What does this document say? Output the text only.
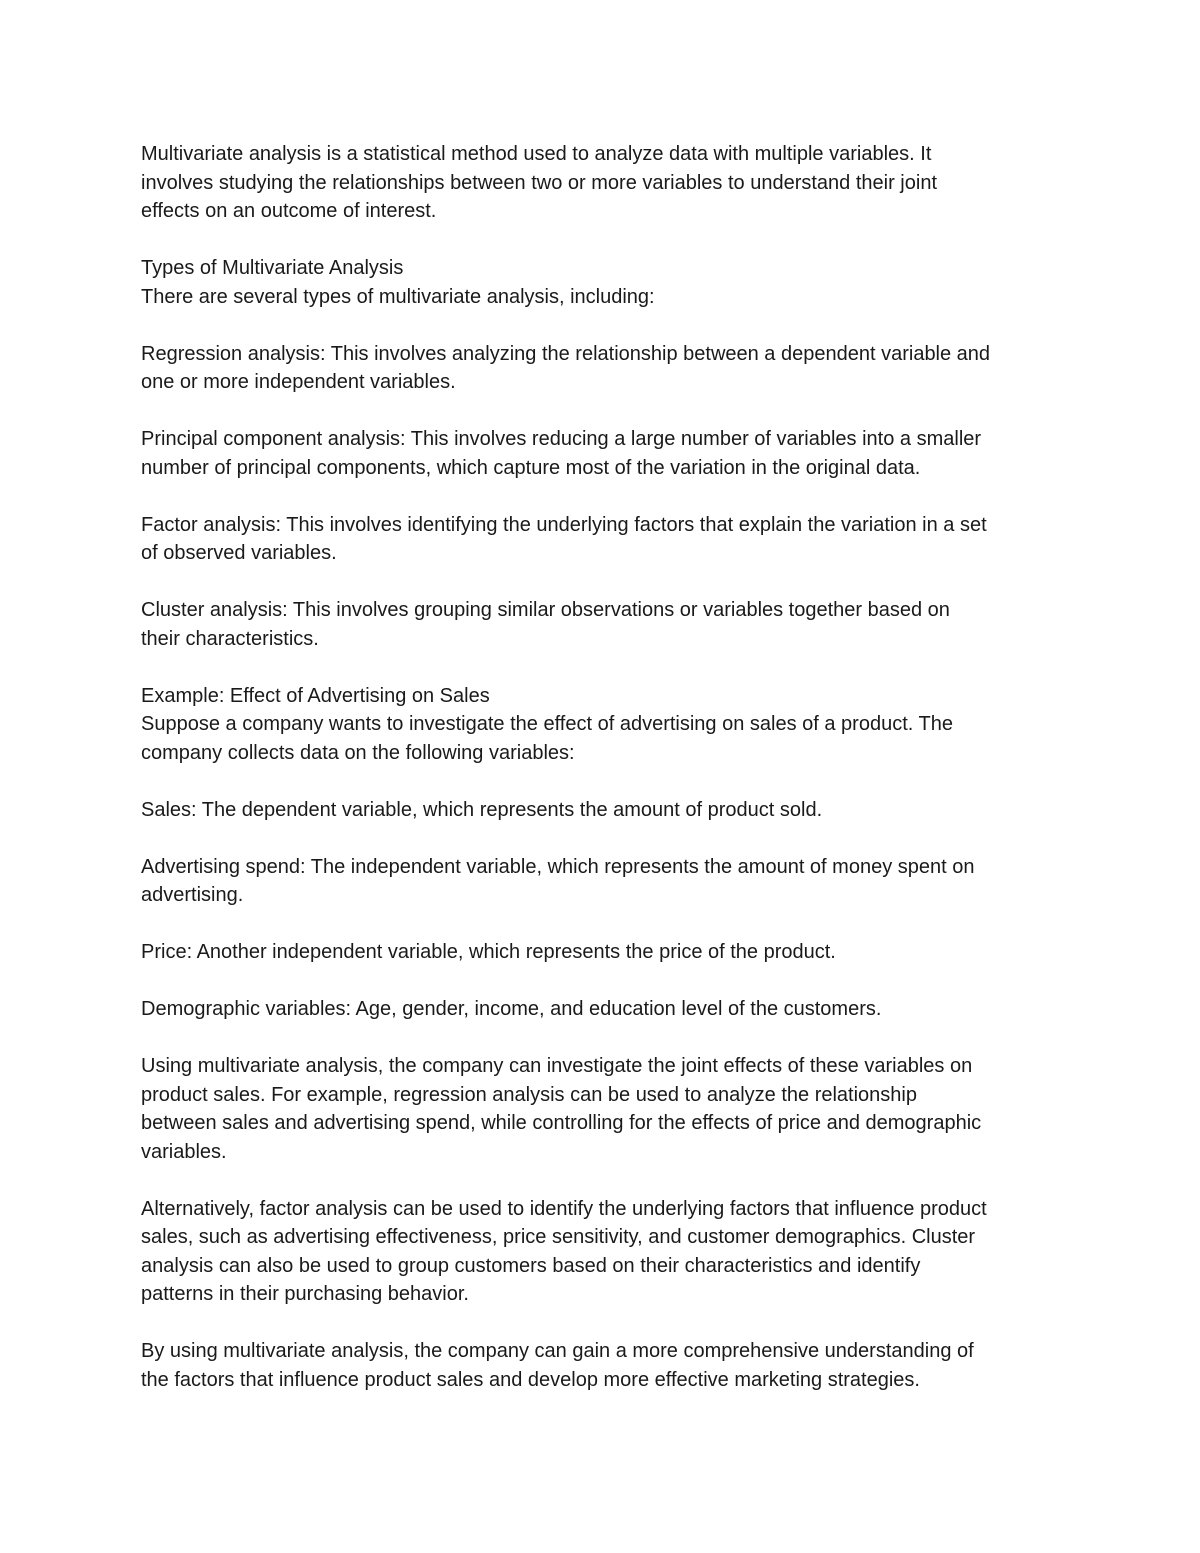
Multivariate analysis is a statistical method used to analyze data with multiple variables. It
involves studying the relationships between two or more variables to understand their joint
effects on an outcome of interest.

Types of Multivariate Analysis

There are several types of multivariate analysis, including:

Regression analysis: This involves analyzing the relationship between a dependent variable and
one or more independent variables.

Principal component analysis: This involves reducing a large number of variables into a smaller
number of principal components, which capture most of the variation in the original data.

Factor analysis: This involves identifying the underlying factors that explain the variation in a set
of observed variables.

Cluster analysis: This involves grouping similar observations or variables together based on
their characteristics.

Example: Effect of Advertising on Sales

Suppose a company wants to investigate the effect of advertising on sales of a product. The
company collects data on the following variables:

Sales: The dependent variable, which represents the amount of product sold.

Advertising spend: The independent variable, which represents the amount of money spent on
advertising.

Price: Another independent variable, which represents the price of the product.

Demographic variables: Age, gender, income, and education level of the customers.

Using multivariate analysis, the company can investigate the joint effects of these variables on
product sales. For example, regression analysis can be used to analyze the relationship
between sales and advertising spend, while controlling for the effects of price and demographic
variables.

Alternatively, factor analysis can be used to identify the underlying factors that influence product
sales, such as advertising effectiveness, price sensitivity, and customer demographics. Cluster
analysis can also be used to group customers based on their characteristics and identify
patterns in their purchasing behavior.

By using multivariate analysis, the company can gain a more comprehensive understanding of
the factors that influence product sales and develop more effective marketing strategies.
